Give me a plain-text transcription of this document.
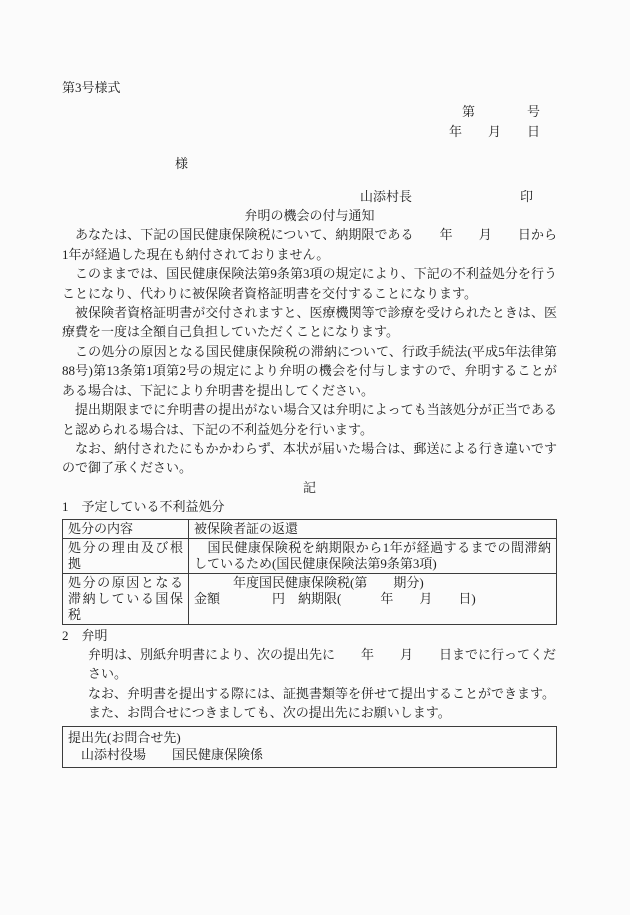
第3号様式
第　　　　号
年　　月　　日
様
山添村長	印
弁明の機会の付与通知

あなたは、下記の国民健康保険税について、納期限である　　年　　月　　日から1年が経過した現在も納付されておりません。

このままでは、国民健康保険法第9条第3項の規定により、下記の不利益処分を行うことになり、代わりに被保険者資格証明書を交付することになります。

被保険者資格証明書が交付されますと、医療機関等で診療を受けられたときは、医療費を一度は全額自己負担していただくことになります。

この処分の原因となる国民健康保険税の滞納について、行政手続法(平成5年法律第88号)第13条第1項第2号の規定により弁明の機会を付与しますので、弁明することがある場合は、下記により弁明書を提出してください。

提出期限までに弁明書の提出がない場合又は弁明によっても当該処分が正当であると認められる場合は、下記の不利益処分を行います。

なお、納付されたにもかかわらず、本状が届いた場合は、郵送による行き違いですので御了承ください。

記

1　予定している不利益処分

処分の内容	被保険者証の返還

処分の理由及び根拠	　国民健康保険税を納期限から1年が経過するまでの間滞納しているため(国民健康保険法第9条第3項)

処分の原因となる滞納している国保税	　　　年度国民健康保険税(第　　期分)
金額　　　　円　納期限(　　　年　　月　　日)

2　弁明

弁明は、別紙弁明書により、次の提出先に　　年　　月　　日までに行ってください。

なお、弁明書を提出する際には、証拠書類等を併せて提出することができます。

また、お問合せにつきましても、次の提出先にお願いします。

提出先(お問合せ先)
山添村役場　　国民健康保険係
